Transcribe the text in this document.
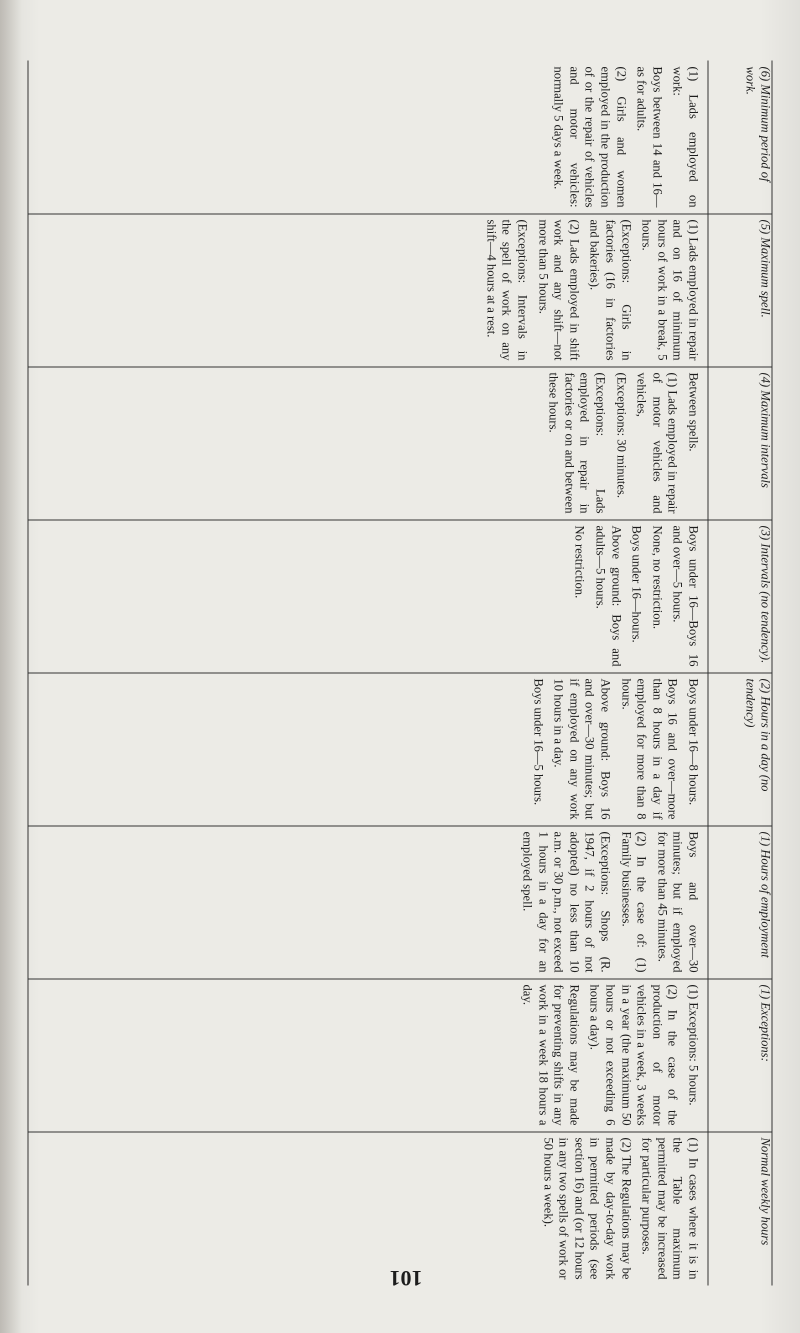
(6) Minimum period of work.

(1) Lads employed on work:

Boys between 14 and 16—as for adults.

(2) Girls and women employed in the production of or the repair of vehicles and motor vehicles: normally 5 days a week.

(5) Maximum spell.

(1) Lads employed in repair and on 16 of minimum hours of work in a break, 5 hours.

(Exceptions: Girls in factories (16 in factories and bakeries).

(2) Lads employed in shift work and any shift—not more than 5 hours.

(Exceptions: Intervals in the spell of work on any shift—4 hours at a rest.

(4) Maximum intervals

Between spells.

(1) Lads employed in repair of motor vehicles and vehicles,

(Exceptions: 30 minutes.

(Exceptions: Lads employed in repair in factories or on and between these hours.

(3) Intervals (no tendency).

Boys under 16—Boys 16 and over—5 hours.

None, no restriction.

Boys under 16—hours.

Above ground: Boys and adults—5 hours.

No restriction.

(2) Hours in a day (no tendency)

Boys under 16—8 hours.

Boys 16 and over—more than 8 hours in a day if employed for more than 8 hours.

Above ground: Boys 16 and over—30 minutes; but if employed on any work 10 hours in a day.

Boys under 16—5 hours.

(1) Hours of employment

Boys and over—30 minutes; but if employed for more than 45 minutes.

(2) In the case of: (1) Family businesses.

(Exceptions: Shops (R. 1947, if 2 hours of not adopted) no less than 10 a.m. or 30 p.m., not exceed 1 hours in a day for an employed spell.

(1) Exceptions:

(1) Exceptions: 5 hours.

(2) In the case of the production of motor vehicles in a week, 3 weeks in a year (the maximum 50 hours or not exceeding 6 hours a day).

Regulations may be made for preventing shifts in any work in a week 18 hours a day.

Normal weekly hours

(1) In cases where it is in the Table maximum permitted may be increased for particular purposes.

(2) The Regulations may be made by day-to-day work in permitted periods (see section 16) and (or 12 hours in any two spells of work or 50 hours a week).

101
